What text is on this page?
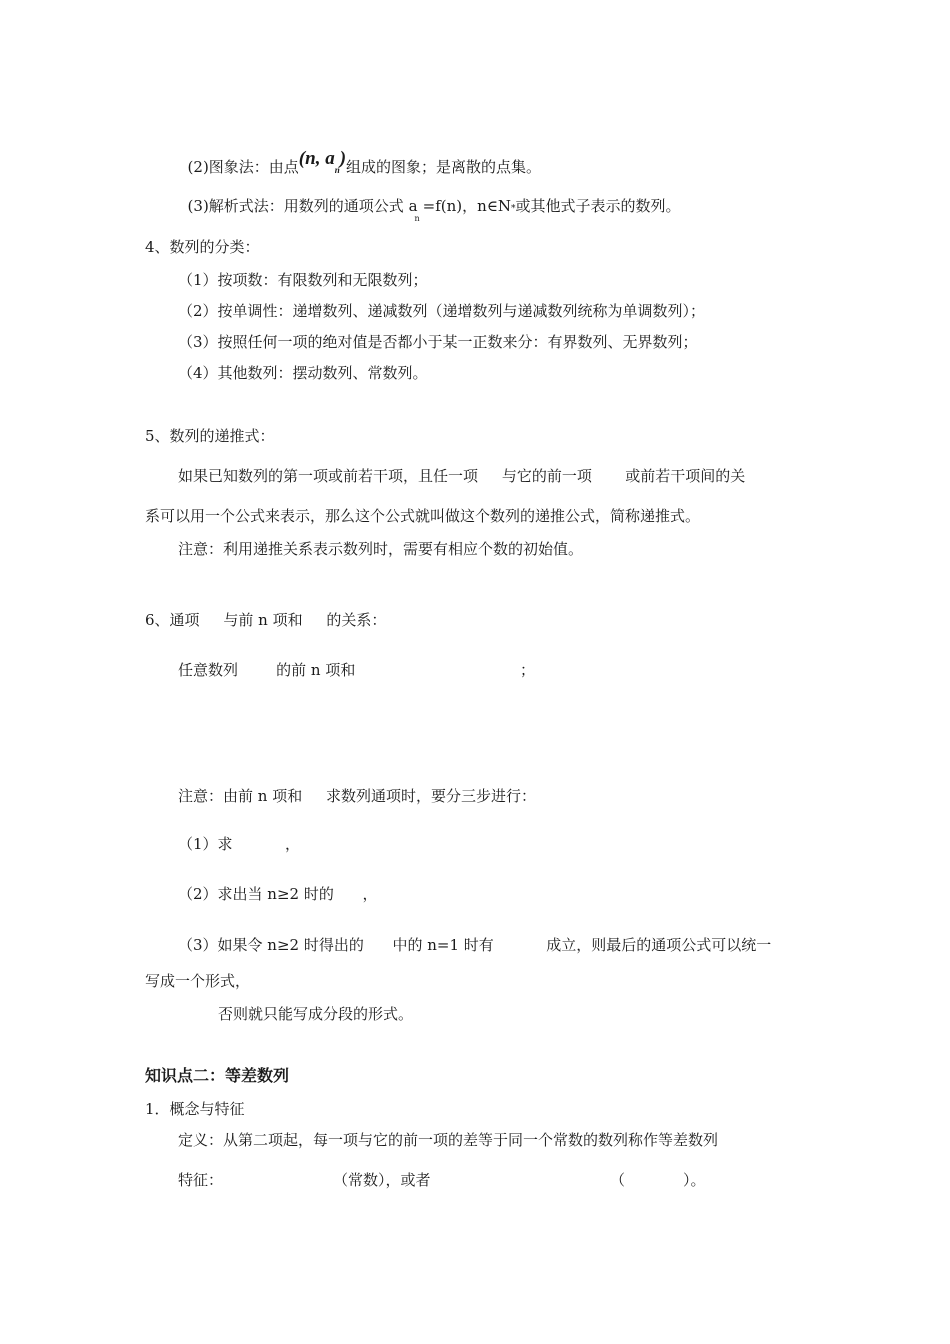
(2)图象法：由点(n, $a_n$)组成的图象；是离散的点集。

(3)解析式法：用数列的通项公式 $a_n=f(n)$，n∈N*或其他式子表示的数列。

4、数列的分类：
（1）按项数：有限数列和无限数列；
（2）按单调性：递增数列、递减数列（递增数列与递减数列统称为单调数列）；
（3）按照任何一项的绝对值是否都小于某一正数来分：有界数列、无界数列；
（4）其他数列：摆动数列、常数列。
5、数列的递推式：
如果已知数列的第一项或前若干项，且任一项     与它的前一项       或前若干项间的关
系可以用一个公式来表示，那么这个公式就叫做这个数列的递推公式，简称递推式。
注意：利用递推关系表示数列时，需要有相应个数的初始值。
6、通项     与前 n 项和     的关系：
任意数列        的前 n 项和	；
注意：由前 n 项和     求数列通项时，要分三步进行：
（1）求           ，
（2）求出当 n≥2 时的      ，
（3）如果令 n≥2 时得出的      中的 n=1 时有           成立，则最后的通项公式可以统一
写成一个形式，
否则就只能写成分段的形式。
知识点二：等差数列
1．概念与特征
定义：从第二项起，每一项与它的前一项的差等于同一个常数的数列称作等差数列
特征：	（常数），或者	（	）。
